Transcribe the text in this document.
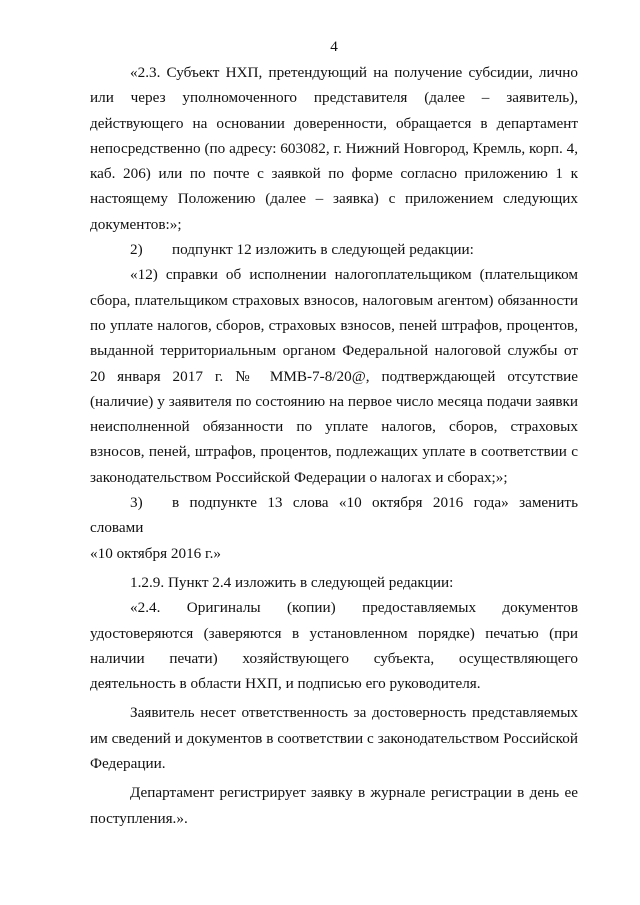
4

«2.3. Субъект НХП, претендующий на получение субсидии, лично или через уполномоченного представителя (далее – заявитель), действующего на основании доверенности, обращается в департамент непосредственно (по адресу: 603082, г. Нижний Новгород, Кремль, корп. 4, каб. 206) или по почте с заявкой по форме согласно приложению 1 к настоящему Положению (далее – заявка) с приложением следующих документов:»;

2) подпункт 12 изложить в следующей редакции:

«12) справки об исполнении налогоплательщиком (плательщиком сбора, плательщиком страховых взносов, налоговым агентом) обязанности по уплате налогов, сборов, страховых взносов, пеней штрафов, процентов, выданной территориальным органом Федеральной налоговой службы от 20 января 2017 г. № ММВ-7-8/20@, подтверждающей отсутствие (наличие) у заявителя по состоянию на первое число месяца подачи заявки неисполненной обязанности по уплате налогов, сборов, страховых взносов, пеней, штрафов, процентов, подлежащих уплате в соответствии с законодательством Российской Федерации о налогах и сборах;»;

3) в подпункте 13 слова «10 октября 2016 года» заменить словами

«10 октября 2016 г.»

1.2.9. Пункт 2.4 изложить в следующей редакции:

«2.4. Оригиналы (копии) предоставляемых документов удостоверяются (заверяются в установленном порядке) печатью (при наличии печати) хозяйствующего субъекта, осуществляющего деятельность в области НХП, и подписью его руководителя.

Заявитель несет ответственность за достоверность представляемых им сведений и документов в соответствии с законодательством Российской Федерации.

Департамент регистрирует заявку в журнале регистрации в день ее поступления.».
